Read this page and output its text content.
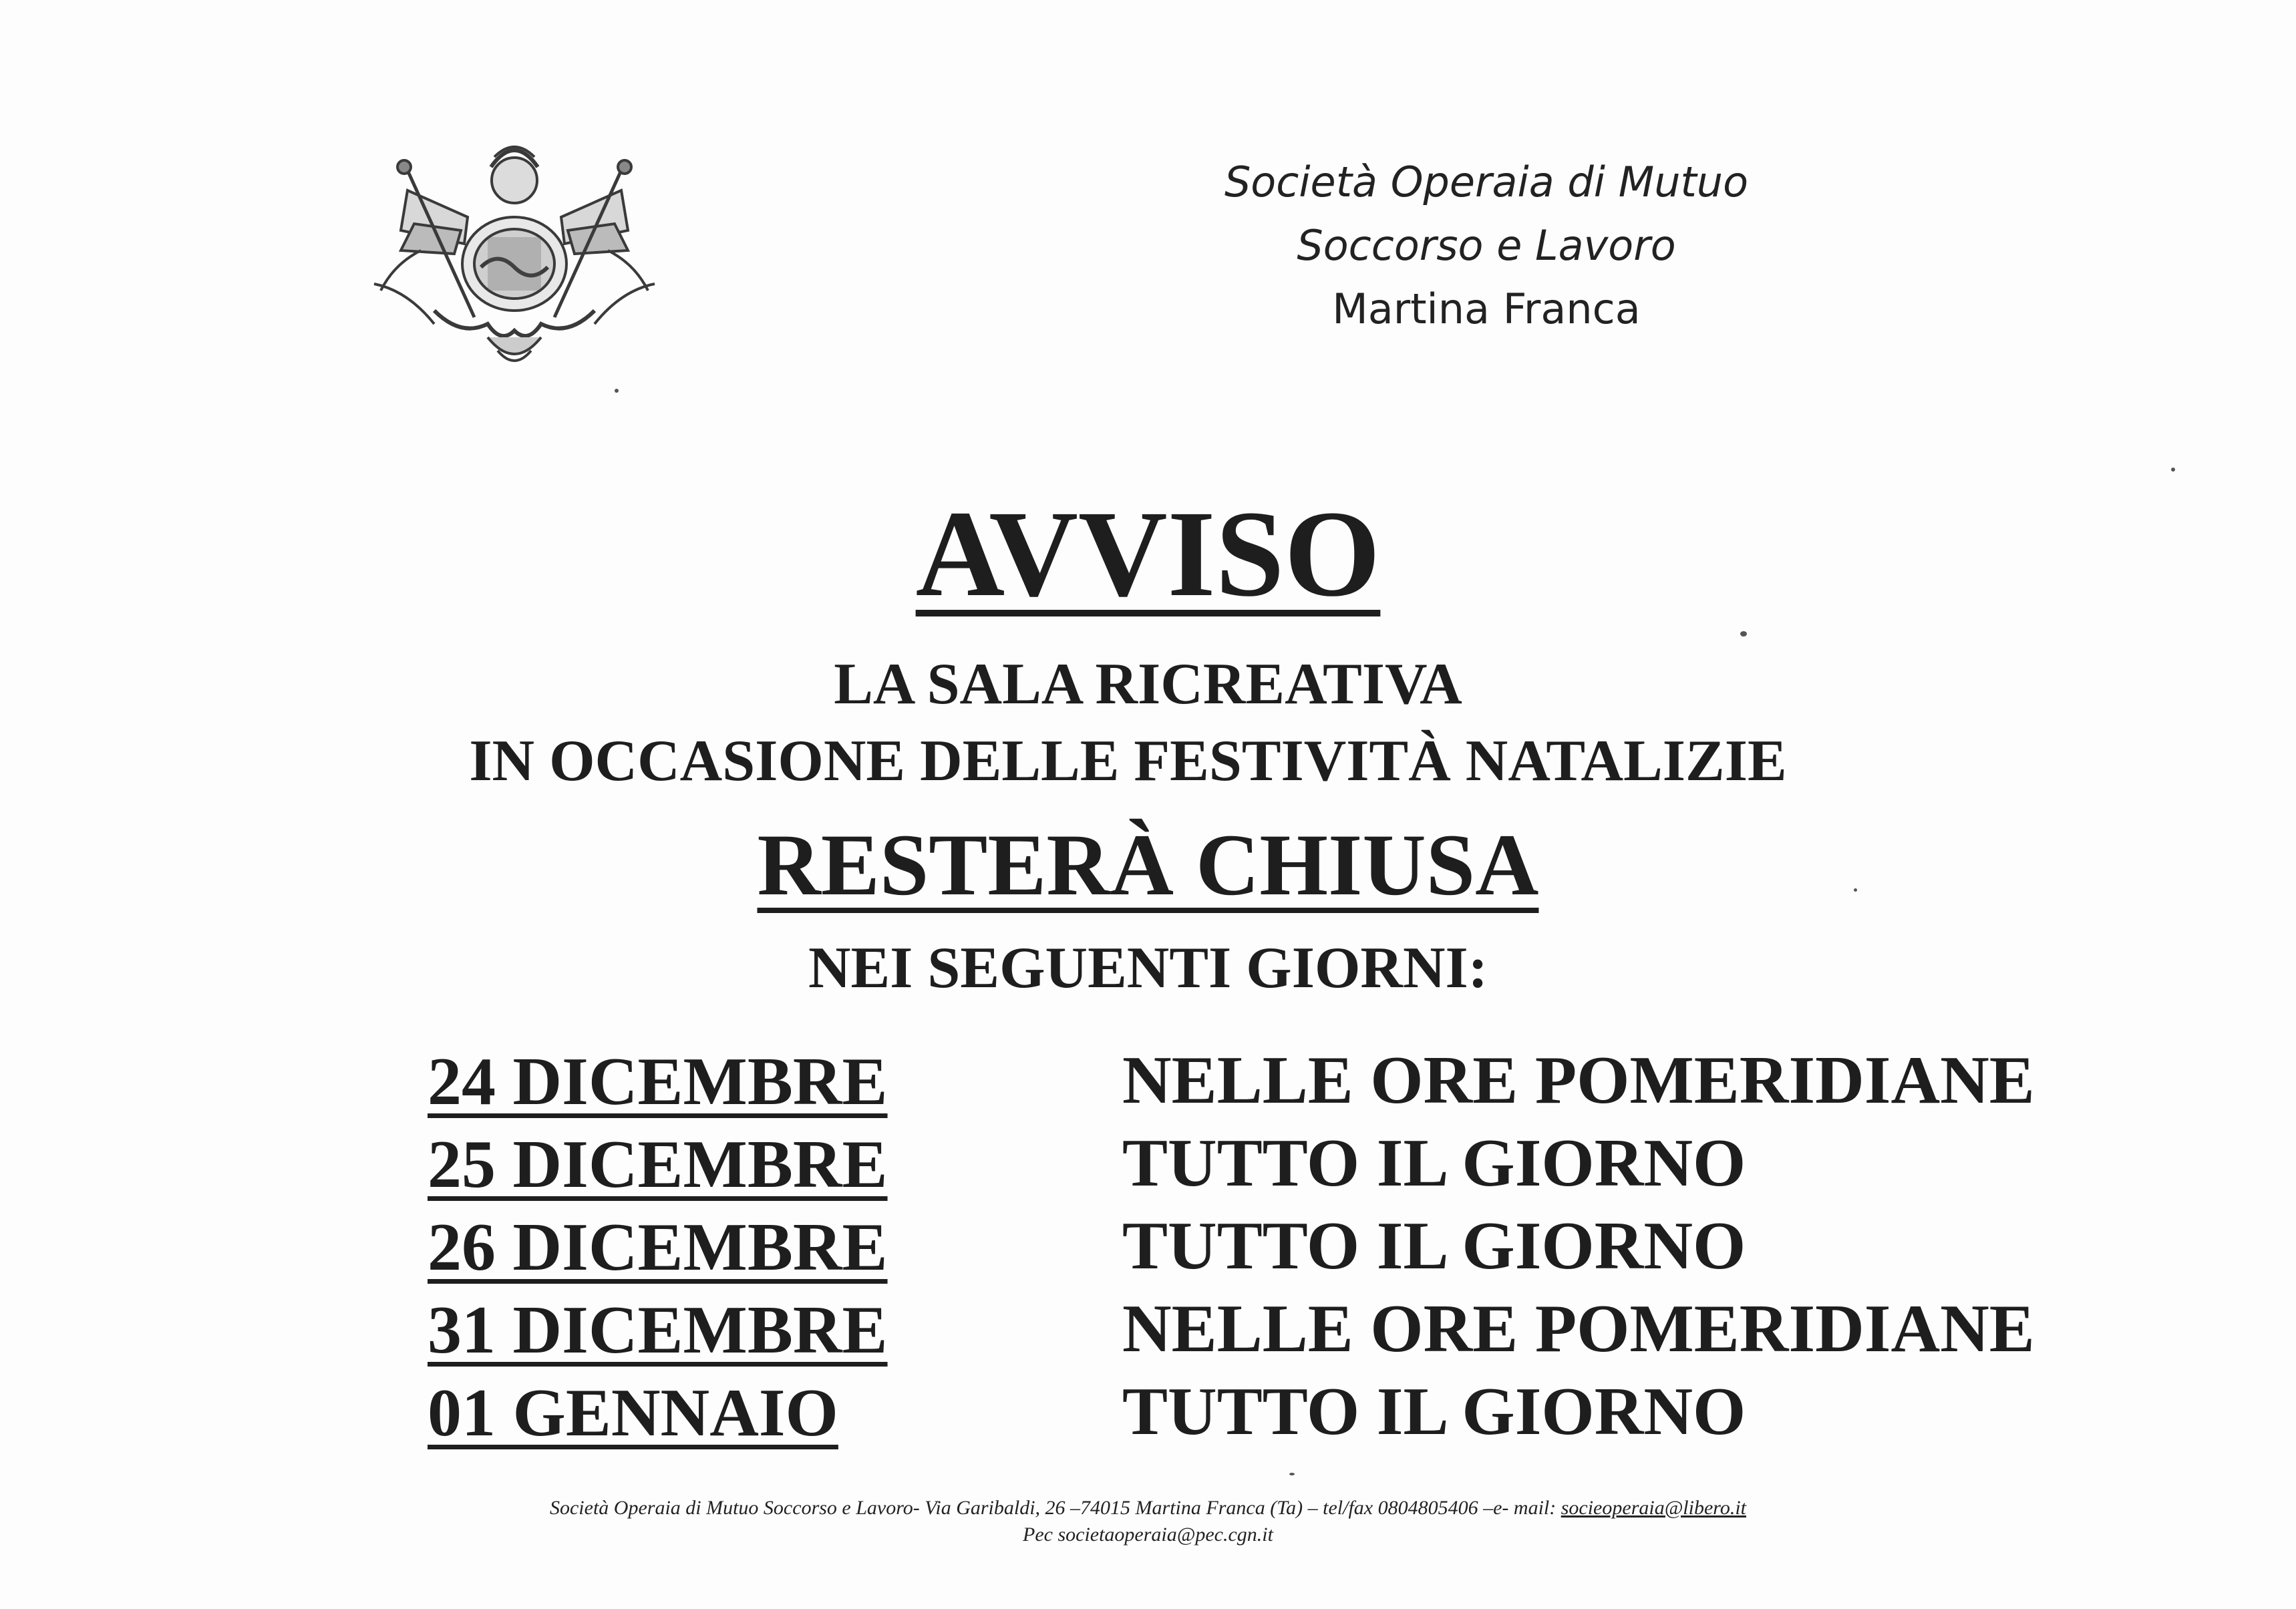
Società Operaia di Mutuo
Soccorso e Lavoro
Martina Franca
AVVISO
LA SALA RICREATIVA
IN OCCASIONE DELLE FESTIVITÀ NATALIZIE
RESTERÀ CHIUSA
NEI SEGUENTI GIORNI:
24 DICEMBRE	NELLE ORE POMERIDIANE
25 DICEMBRE	TUTTO IL GIORNO
26 DICEMBRE	TUTTO IL GIORNO
31 DICEMBRE	NELLE ORE POMERIDIANE
01 GENNAIO	TUTTO IL GIORNO
Società Operaia di Mutuo Soccorso e Lavoro- Via Garibaldi, 26 –74015 Martina Franca (Ta) – tel/fax 0804805406 –e- mail: socieoperaia@libero.it
Pec societaoperaia@pec.cgn.it
